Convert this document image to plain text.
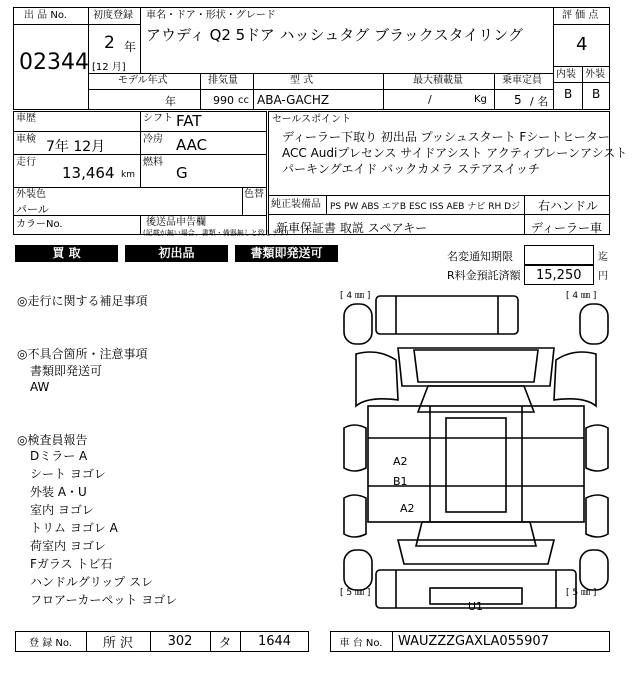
出 品 No.
02344
初度登録
2 年
[12 月]
車名・ドア・形状・グレード
アウディ Q2 5ドア ハッシュタグ ブラックスタイリング
評 価 点
4
内装 外装
B B
モデル年式	排気量	型 式	最大積載量	乗車定員
年	990 cc ABA-GACHZ	/	Kg 5 / 名
車歴	シフト FAT
車検 7年 12月	冷房 AAC
走行
13,464 km
燃料
G
外装色
パール
色替
カラーNo.	後送品申告欄
(記載が無い場合、書類・備器無しと致します)
セールスポイント
ディーラー下取り 初出品 プッシュスタート Fシートヒーター
ACC Audiプレセンス サイドアシスト アクティブレーンアシスト
パーキングエイド バックカメラ ステアスイッチ
純正装備品 PS PW ABS エアB ESC ISS AEB ナビ RH Dジ 右ハンドル
新車保証書 取説 スペアキー	ディーラー車
買 取	初出品	書類即発送可	名変通知期限	迄
R料金預託済額 15,250 円
◎走行に関する補足事項
◎不具合箇所・注意事項
書類即発送可
AW
◎検査員報告
Dミラー A
シート ヨゴレ
外装 A・U
室内 ヨゴレ
トリム ヨゴレ A
荷室内 ヨゴレ
Fガラス トビ石
ハンドルグリップ スレ
フロアーカーペット ヨゴレ
[ 4 ㎜ ]	[ 4 ㎜ ]
[ 5 ㎜ ]	[ 5 ㎜ ]
A2
B1
A2
U1
登 録 No.	所 沢	302	タ	1644	車 台 No.	WAUZZZGAXLA055907
